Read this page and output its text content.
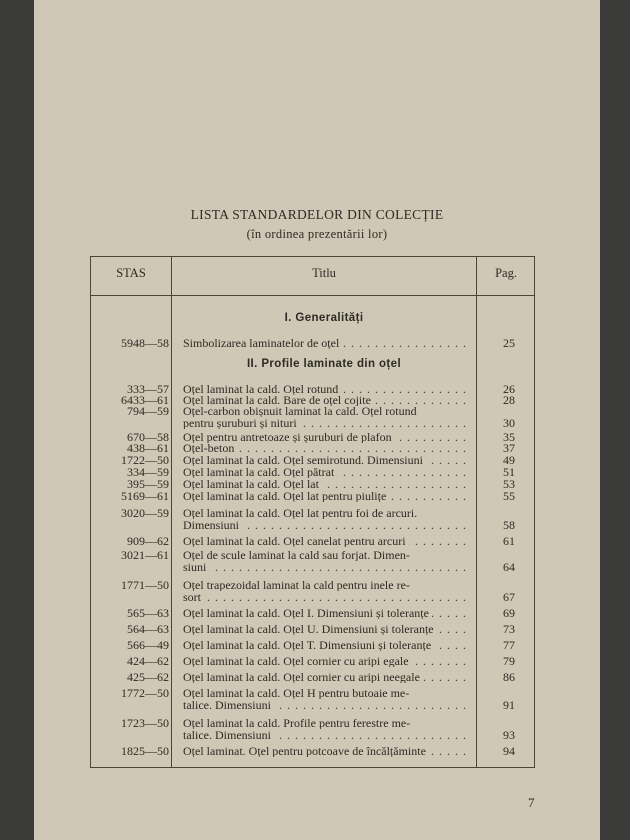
LISTA STANDARDELOR DIN COLECȚIE
(în ordinea prezentării lor)
STAS	Titlu	Pag.
I. Generalități
II. Profile laminate din oțel
5948—58 Simbolizarea laminatelor de oțel . . .	25
333—57 Oțel laminat la cald. Oțel rotund . . .	26
6433—61 Oțel laminat la cald. Bare de oțel cojite . . .	28
794—59 Oțel-carbon obișnuit laminat la cald. Oțel rotund
pentru șuruburi și nituri . . .	30
670—58 Oțel pentru antretoaze și șuruburi de plafon . . .	35
438—61 Oțel-beton . . .	37
1722—50 Oțel laminat la cald. Oțel semirotund. Dimensiuni . . .	49
334—59 Oțel laminat la cald. Oțel pătrat . . .	51
395—59 Oțel laminat la cald. Oțel lat . . .	53
5169—61 Oțel laminat la cald. Oțel lat pentru piulițe . . .	55
3020—59 Oțel laminat la cald. Oțel lat pentru foi de arcuri.
Dimensiuni . . .	58
909—62 Oțel laminat la cald. Oțel canelat pentru arcuri . . .	61
3021—61 Oțel de scule laminat la cald sau forjat. Dimen-
siuni . . .	64
1771—50 Oțel trapezoidal laminat la cald pentru inele re-
sort . . .	67
565—63 Oțel laminat la cald. Oțel I. Dimensiuni și toleranțe . . .	69
564—63 Oțel laminat la cald. Oțel U. Dimensiuni și toleranțe . . .	73
566—49 Oțel laminat la cald. Oțel T. Dimensiuni și toleranțe . . .	77
424—62 Oțel laminat la cald. Oțel cornier cu aripi egale . . .	79
425—62 Oțel laminat la cald. Oțel cornier cu aripi neegale . . .	86
1772—50 Oțel laminat la cald. Oțel H pentru butoaie me-
talice. Dimensiuni . . .	91
1723—50 Oțel laminat la cald. Profile pentru ferestre me-
talice. Dimensiuni . . .	93
1825—50 Oțel laminat. Oțel pentru potcoave de încălțăminte . . .	94
7
